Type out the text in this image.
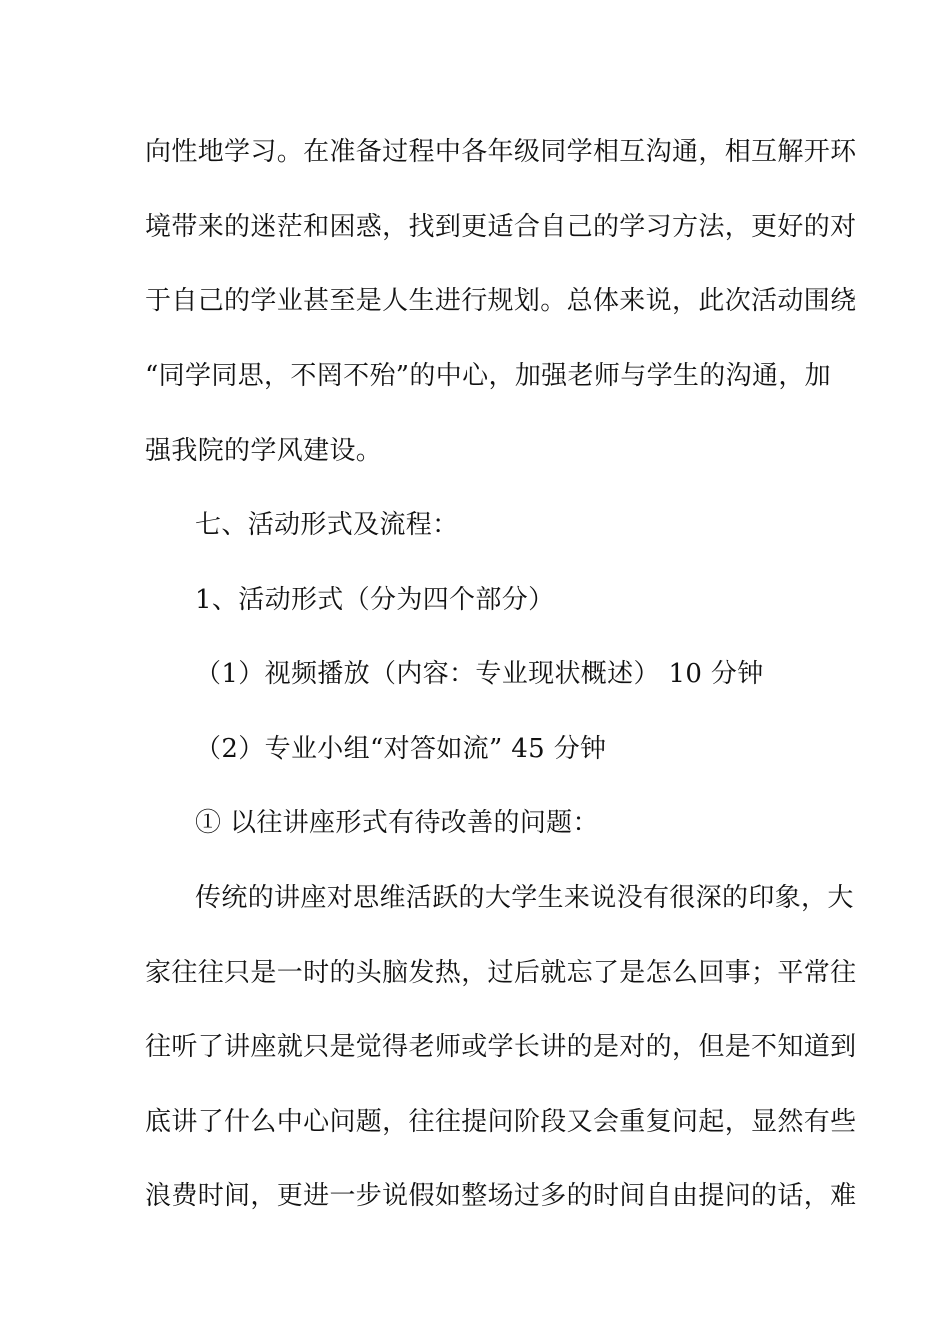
向性地学习。在准备过程中各年级同学相互沟通，相互解开环
境带来的迷茫和困惑，找到更适合自己的学习方法，更好的对
于自己的学业甚至是人生进行规划。总体来说，此次活动围绕
“同学同思，不罔不殆”的中心，加强老师与学生的沟通，加
强我院的学风建设。
七、活动形式及流程：
1、活动形式（分为四个部分）
（1）视频播放（内容：专业现状概述） 10 分钟
（2）专业小组“对答如流” 45 分钟
① 以往讲座形式有待改善的问题：
传统的讲座对思维活跃的大学生来说没有很深的印象，大
家往往只是一时的头脑发热，过后就忘了是怎么回事；平常往
往听了讲座就只是觉得老师或学长讲的是对的，但是不知道到
底讲了什么中心问题，往往提问阶段又会重复问起，显然有些
浪费时间，更进一步说假如整场过多的时间自由提问的话，难
